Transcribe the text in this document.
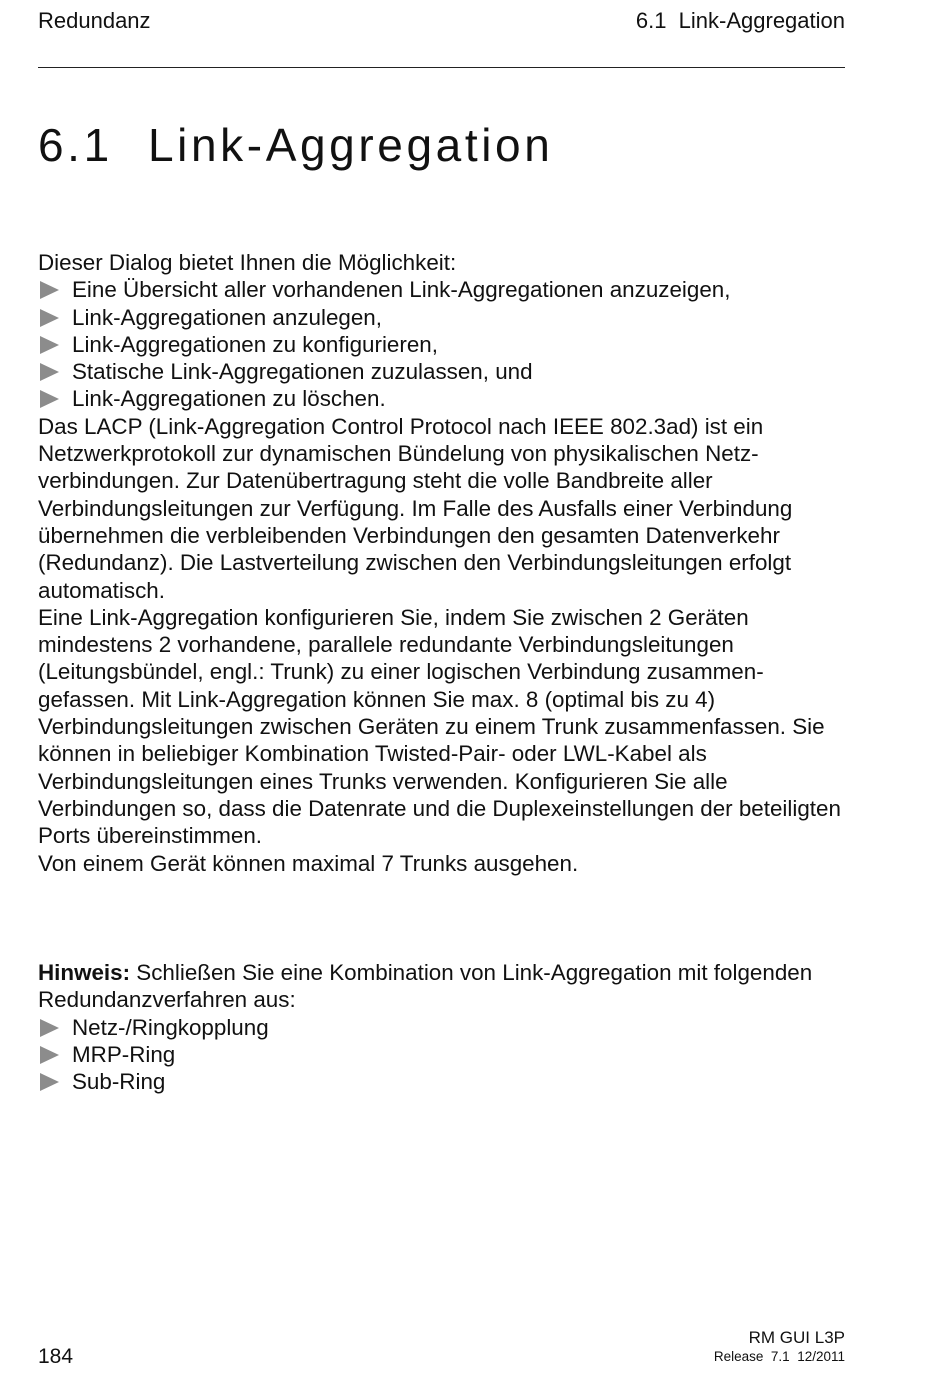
Redundanz	6.1  Link-Aggregation
6.1 Link-Aggregation

Dieser Dialog bietet Ihnen die Möglichkeit:

Eine Übersicht aller vorhandenen Link-Aggregationen anzuzeigen,
Link-Aggregationen anzulegen,
Link-Aggregationen zu konfigurieren,
Statische Link-Aggregationen zuzulassen, und
Link-Aggregationen zu löschen.

Das LACP (Link-Aggregation Control Protocol nach IEEE 802.3ad) ist ein Netzwerkprotokoll zur dynamischen Bündelung von physikalischen Netzverbindungen. Zur Datenübertragung steht die volle Bandbreite aller Verbindungsleitungen zur Verfügung. Im Falle des Ausfalls einer Verbindung übernehmen die verbleibenden Verbindungen den gesamten Datenverkehr (Redundanz). Die Lastverteilung zwischen den Verbindungsleitungen erfolgt automatisch.

Eine Link-Aggregation konfigurieren Sie, indem Sie zwischen 2 Geräten mindestens 2 vorhandene, parallele redundante Verbindungsleitungen (Leitungsbündel, engl.: Trunk) zu einer logischen Verbindung zusammengefassen. Mit Link-Aggregation können Sie max. 8 (optimal bis zu 4) Verbindungsleitungen zwischen Geräten zu einem Trunk zusammenfassen. Sie können in beliebiger Kombination Twisted-Pair- oder LWL-Kabel als Verbindungsleitungen eines Trunks verwenden. Konfigurieren Sie alle Verbindungen so, dass die Datenrate und die Duplexeinstellungen der beteiligten Ports übereinstimmen.

Von einem Gerät können maximal 7 Trunks ausgehen.

Hinweis: Schließen Sie eine Kombination von Link-Aggregation mit folgenden Redundanzverfahren aus:

Netz-/Ringkopplung
MRP-Ring
Sub-Ring
184
RM GUI L3P
Release  7.1  12/2011
